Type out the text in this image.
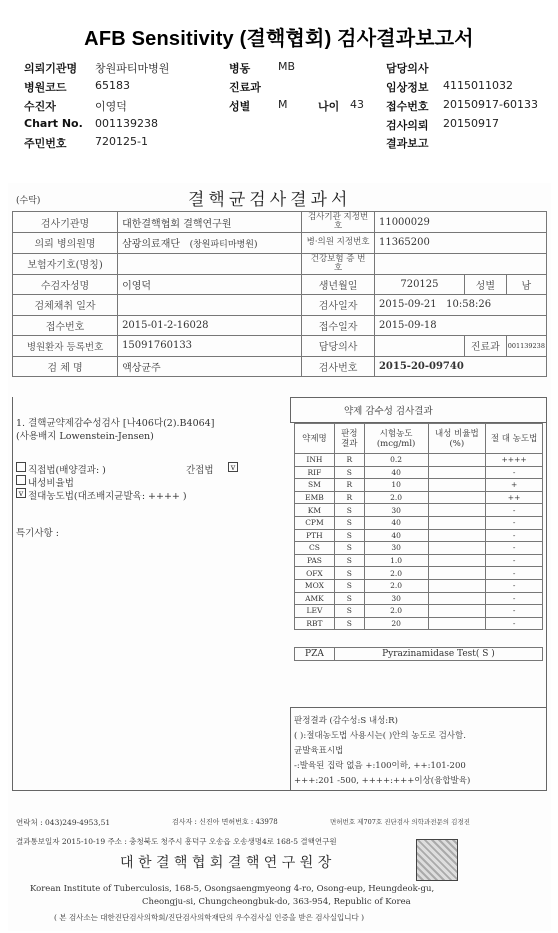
AFB Sensitivity (결핵협회) 검사결과보고서
의뢰기관명 창원파티마병원	병동	MB	담당의사
병원코드	65183	진료과	임상정보 4115011032
수진자	이영덕	성별	M	나이 43 접수번호 20150917-60133
Chart No. 001139238	검사의뢰 20150917
주민번호	720125-1	결과보고
(수탁)	결핵균검사결과서
검사기관명	대한결핵협회 결핵연구원	검사기관 지정번호	11000029		
의뢰 병의원명	삼광의료재단 (창원파티마병원)	병·의원 지정번호	11365200		
보험자기호(명칭)		건강보험 증 번 호			
수검자성명	이영덕	생년월일	720125	성별	남
검체채취 일자		검사일자	2015-09-21 10:58:26		
접수번호	2015-01-2-16028	접수일자	2015-09-18		
병원환자 등록번호	15091760133	담당의사		진료과	001139238
검 체 명	액상균주	검사번호	2015-20-09740		
1. 결핵균약제감수성검사 [나406다(2).B4064]
(사용배지 Lowenstein-Jensen)
직접법(배양결과: )	간접법	v
내성비율법
v 절대농도법(대조배지균발육: ++++ )
특기사항 :
약제 감수성 검사결과
약제명	판정 결과	시험농도 (mcg/ml)	내성 비율법(%)	절 대 농도법
INH	R	0.2		++++
RIF	S	40		-
SM	R	10		+
EMB	R	2.0		++
KM	S	30		-
CPM	S	40		-
PTH	S	40		-
CS	S	30		-
PAS	S	1.0		-
OFX	S	2.0		-
MOX	S	2.0		-
AMK	S	30		-
LEV	S	2.0		-
RBT	S	20		-
PZA	Pyrazinamidase Test( S )
판정결과 (감수성:S 내성:R)
( ):절대농도법 사용시는( )안의 농도로 검사함.
균발육표시법
-:발육된 집락 없음 +:100이하, ++:101-200
+++:201 -500, ++++:+++이상(융합발육)
연락처 : 043)249-4953,51	검사자 : 신진아 면허번호 : 43978	면허번호 제707호 진단검사 의학과전문의 김경진
결과통보일자 2015-10-19 주소 : 충청북도 청주시 흥덕구 오송읍 오송생명4로 168-5 결핵연구원
대 한 결 핵 협 회 결 핵 연 구 원 장
Korean Institute of Tuberculosis, 168-5, Osongsaengmyeong 4-ro, Osong-eup, Heungdeok-gu,
Cheongju-si, Chungcheongbuk-do, 363-954, Republic of Korea
( 본 검사소는 대한진단검사의학회/진단검사의학재단의 우수검사실 인증을 받은 검사실입니다 )
